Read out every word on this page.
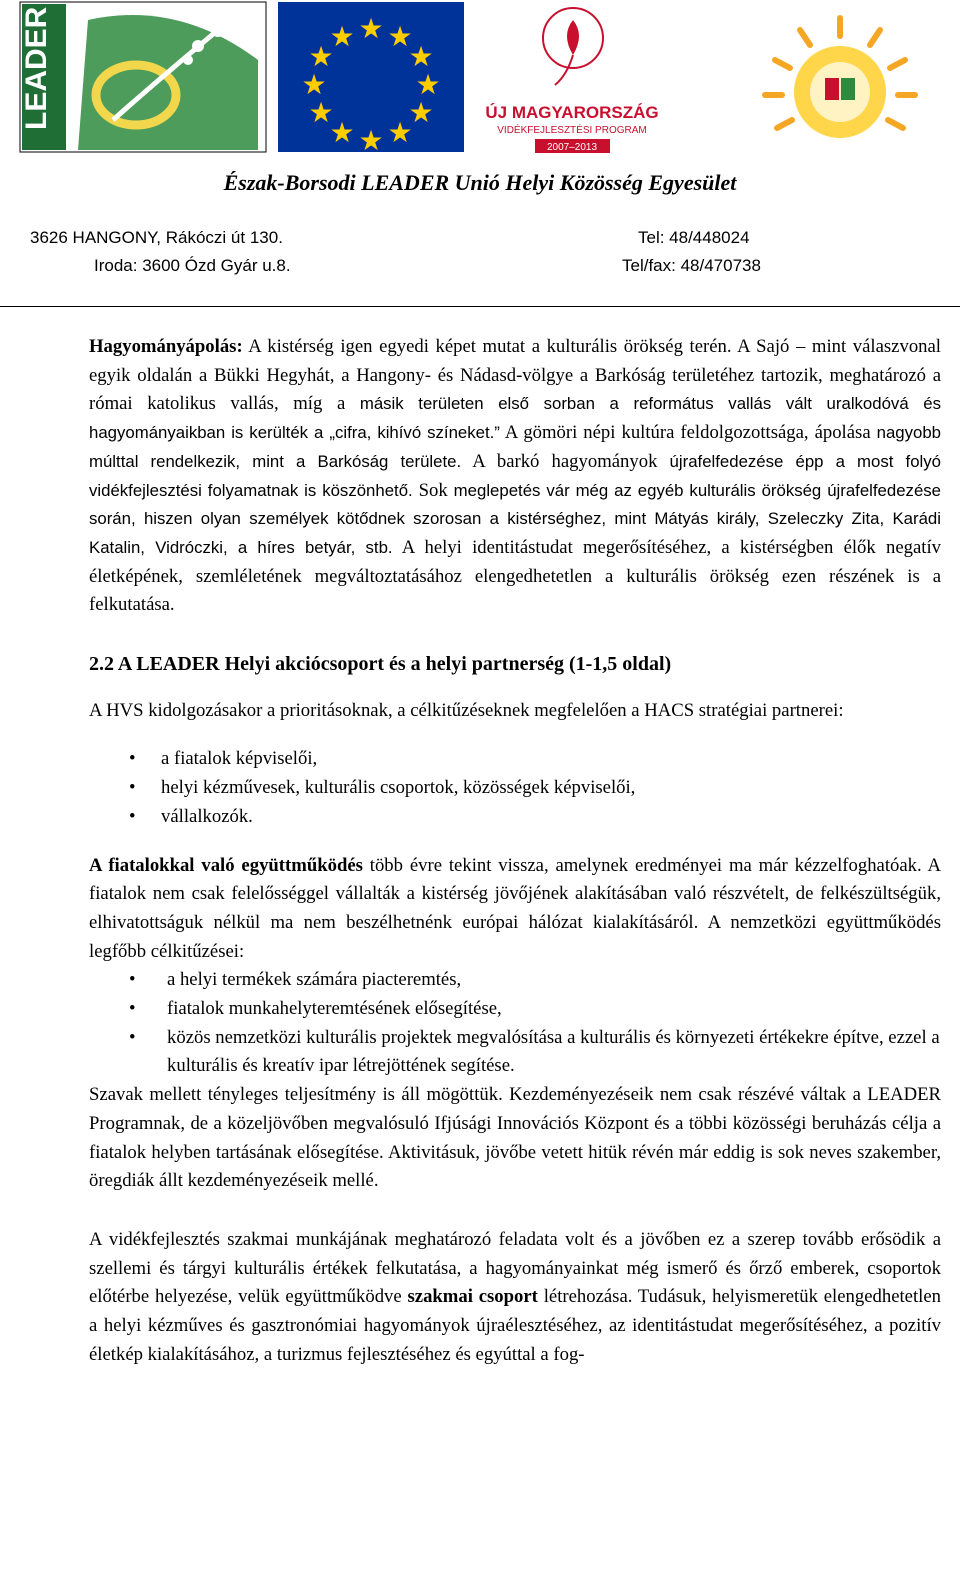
LEADER	★ ★
★
★
★
★
★
★
★
★
★
★
ÚJ MAGYARORSZÁG
VIDÉKFEJLESZTÉSI PROGRAM
2007–2013
Észak-Borsodi LEADER Unió Helyi Közösség Egyesület
3626 HANGONY, Rákóczi út 130.
Iroda: 3600 Ózd Gyár u.8.
Tel: 48/448024
Tel/fax: 48/470738

Hagyományápolás: A kistérség igen egyedi képet mutat a kulturális örökség terén. A Sajó – mint válaszvonal egyik oldalán a Bükki Hegyhát, a Hangony- és Nádasd-völgye a Barkóság területéhez tartozik, meghatározó a római katolikus vallás, míg a másik területen első sorban a református vallás vált uralkodóvá és hagyományaikban is kerülték a „cifra, kihívó színeket.” A gömöri népi kultúra feldolgozottsága, ápolása nagyobb múlttal rendelkezik, mint a Barkóság területe. A barkó hagyományok újrafelfedezése épp a most folyó vidékfejlesztési folyamatnak is köszönhető. Sok meglepetés vár még az egyéb kulturális örökség újrafelfedezése során, hiszen olyan személyek kötődnek szorosan a kistérséghez, mint Mátyás király, Szeleczky Zita, Karádi Katalin, Vidróczki, a híres betyár, stb. A helyi identitástudat megerősítéséhez, a kistérségben élők negatív életképének, szemléletének megváltoztatásához elengedhetetlen a kulturális örökség ezen részének is a felkutatása.

2.2 A LEADER Helyi akciócsoport és a helyi partnerség (1-1,5 oldal)

A HVS kidolgozásakor a prioritásoknak, a célkitűzéseknek megfelelően a HACS stratégiai partnerei:

• a fiatalok képviselői,
• helyi kézművesek, kulturális csoportok, közösségek képviselői,
• vállalkozók.

A fiatalokkal való együttműködés több évre tekint vissza, amelynek eredményei ma már kézzelfoghatóak. A fiatalok nem csak felelősséggel vállalták a kistérség jövőjének alakításában való részvételt, de felkészültségük, elhivatottságuk nélkül ma nem beszélhetnénk európai hálózat kialakításáról. A nemzetközi együttműködés legfőbb célkitűzései:

• a helyi termékek számára piacteremtés,
• fiatalok munkahelyteremtésének elősegítése,
• közös nemzetközi kulturális projektek megvalósítása a kulturális és környezeti értékekre építve, ezzel a kulturális és kreatív ipar létrejöttének segítése.

Szavak mellett tényleges teljesítmény is áll mögöttük. Kezdeményezéseik nem csak részévé váltak a LEADER Programnak, de a közeljövőben megvalósuló Ifjúsági Innovációs Központ és a többi közösségi beruházás célja a fiatalok helyben tartásának elősegítése. Aktivitásuk, jövőbe vetett hitük révén már eddig is sok neves szakember, öregdiák állt kezdeményezéseik mellé.

A vidékfejlesztés szakmai munkájának meghatározó feladata volt és a jövőben ez a szerep tovább erősödik a szellemi és tárgyi kulturális értékek felkutatása, a hagyományainkat még ismerő és őrző emberek, csoportok előtérbe helyezése, velük együttműködve szakmai csoport létrehozása. Tudásuk, helyismeretük elengedhetetlen a helyi kézműves és gasztronómiai hagyományok újraélesztéséhez, az identitástudat megerősítéséhez, a pozitív életkép kialakításához, a turizmus fejlesztéséhez és egyúttal a fog-
